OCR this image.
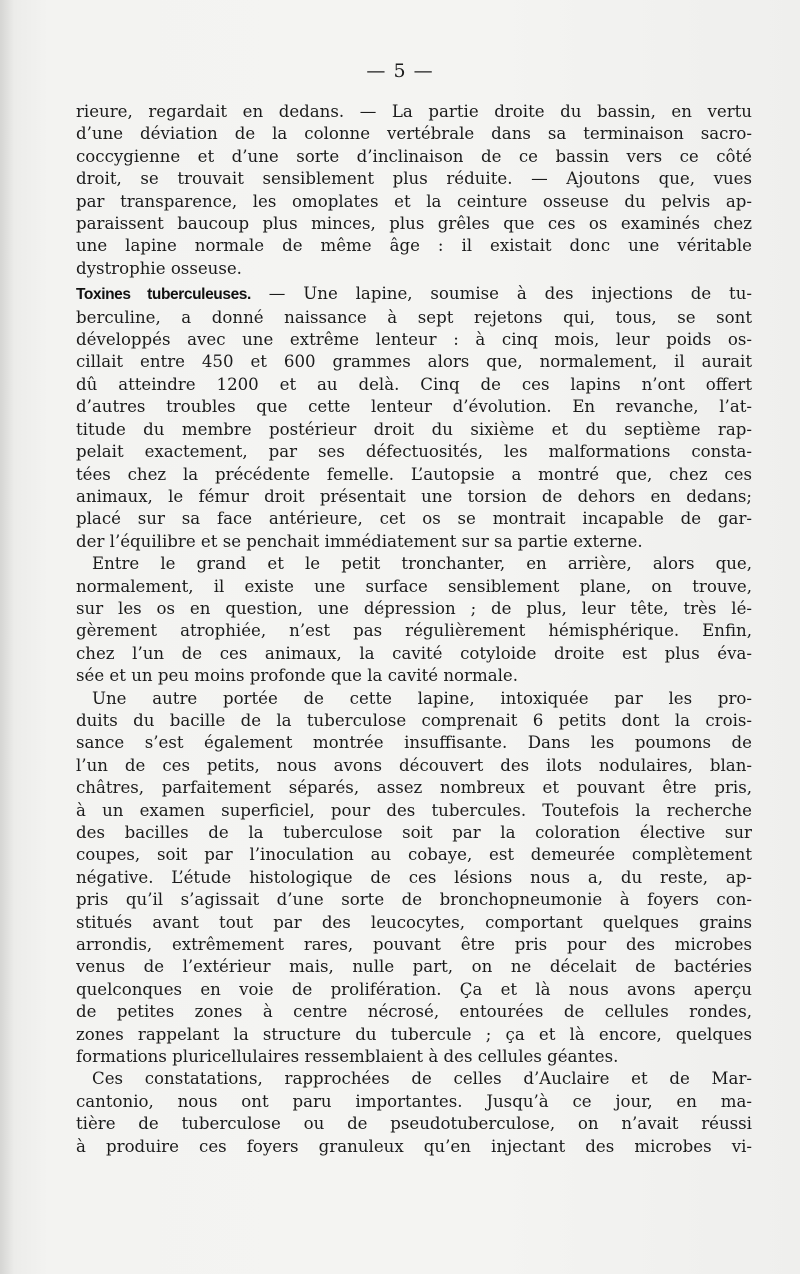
— 5 —
rieure, regardait en dedans. — La partie droite du bassin, en vertu
d’une déviation de la colonne vertébrale dans sa terminaison sacro-
coccygienne et d’une sorte d’inclinaison de ce bassin vers ce côté
droit, se trouvait sensiblement plus réduite. — Ajoutons que, vues
par transparence, les omoplates et la ceinture osseuse du pelvis ap-
paraissent baucoup plus minces, plus grêles que ces os examinés chez
une lapine normale de même âge : il existait donc une véritable
dystrophie osseuse.
Toxines tuberculeuses. — Une lapine, soumise à des injections de tu-
berculine, a donné naissance à sept rejetons qui, tous, se sont
développés avec une extrême lenteur : à cinq mois, leur poids os-
cillait entre 450 et 600 grammes alors que, normalement, il aurait
dû atteindre 1200 et au delà. Cinq de ces lapins n’ont offert
d’autres troubles que cette lenteur d’évolution. En revanche, l’at-
titude du membre postérieur droit du sixième et du septième rap-
pelait exactement, par ses défectuosités, les malformations consta-
tées chez la précédente femelle. L’autopsie a montré que, chez ces
animaux, le fémur droit présentait une torsion de dehors en dedans;
placé sur sa face antérieure, cet os se montrait incapable de gar-
der l’équilibre et se penchait immédiatement sur sa partie externe.
Entre le grand et le petit tronchanter, en arrière, alors que,
normalement, il existe une surface sensiblement plane, on trouve,
sur les os en question, une dépression ; de plus, leur tête, très lé-
gèrement atrophiée, n’est pas régulièrement hémisphérique. Enfin,
chez l’un de ces animaux, la cavité cotyloide droite est plus éva-
sée et un peu moins profonde que la cavité normale.
Une autre portée de cette lapine, intoxiquée par les pro-
duits du bacille de la tuberculose comprenait 6 petits dont la crois-
sance s’est également montrée insuffisante. Dans les poumons de
l’un de ces petits, nous avons découvert des ilots nodulaires, blan-
châtres, parfaitement séparés, assez nombreux et pouvant être pris,
à un examen superficiel, pour des tubercules. Toutefois la recherche
des bacilles de la tuberculose soit par la coloration élective sur
coupes, soit par l’inoculation au cobaye, est demeurée complètement
négative. L’étude histologique de ces lésions nous a, du reste, ap-
pris qu’il s’agissait d’une sorte de bronchopneumonie à foyers con-
stitués avant tout par des leucocytes, comportant quelques grains
arrondis, extrêmement rares, pouvant être pris pour des microbes
venus de l’extérieur mais, nulle part, on ne décelait de bactéries
quelconques en voie de prolifération. Ça et là nous avons aperçu
de petites zones à centre nécrosé, entourées de cellules rondes,
zones rappelant la structure du tubercule ; ça et là encore, quelques
formations pluricellulaires ressemblaient à des cellules géantes.
Ces constatations, rapprochées de celles d’Auclaire et de Mar-
cantonio, nous ont paru importantes. Jusqu’à ce jour, en ma-
tière de tuberculose ou de pseudotuberculose, on n’avait réussi
à produire ces foyers granuleux qu’en injectant des microbes vi-
